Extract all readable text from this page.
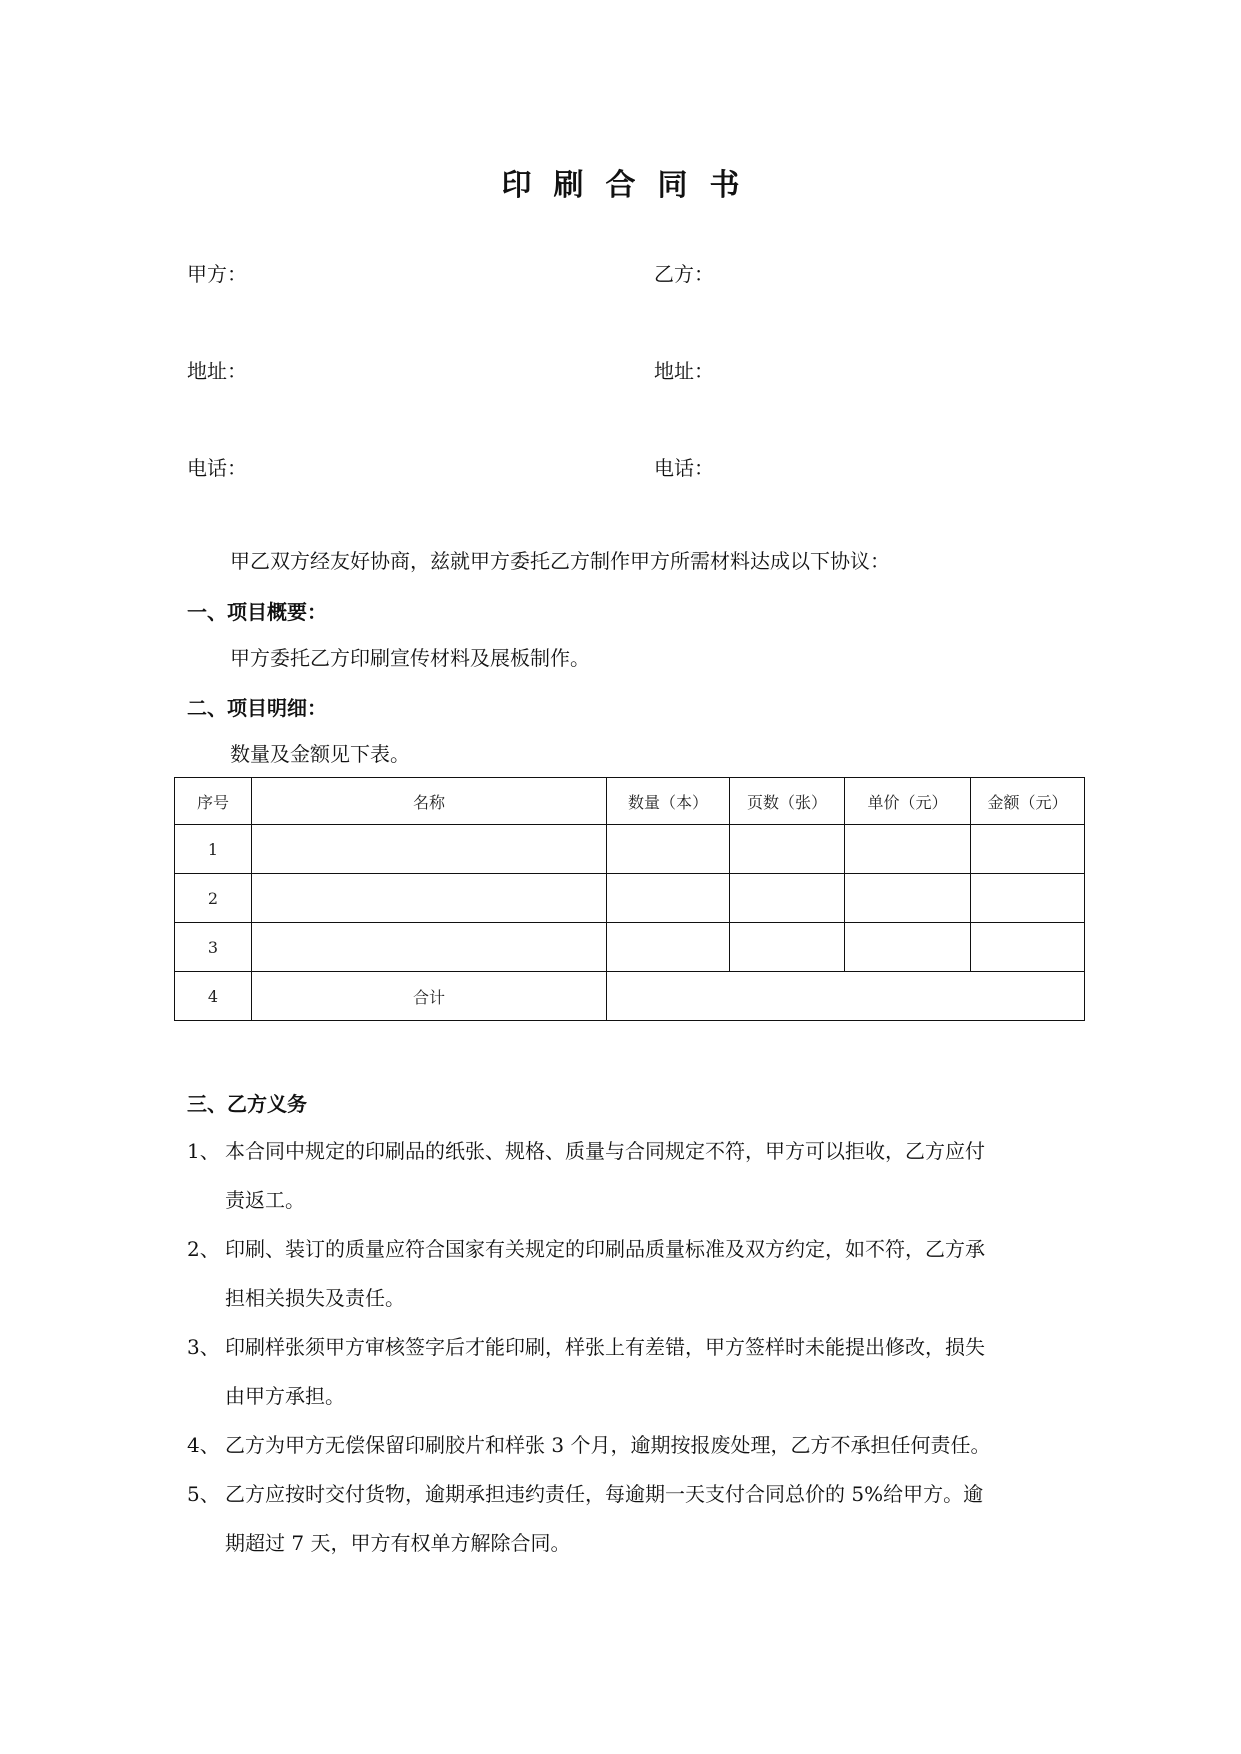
印刷合同书
甲方：	乙方：
地址：	地址：
电话：	电话：
甲乙双方经友好协商，兹就甲方委托乙方制作甲方所需材料达成以下协议：
一、项目概要：
甲方委托乙方印刷宣传材料及展板制作。
二、项目明细：
数量及金额见下表。
序号	名称	数量（本）	页数（张）	单价（元）	金额（元）
1					
2					
3					
4	合计				
三、乙方义务
1、 本合同中规定的印刷品的纸张、规格、质量与合同规定不符，甲方可以拒收，乙方应付
责返工。
2、 印刷、装订的质量应符合国家有关规定的印刷品质量标准及双方约定，如不符，乙方承
担相关损失及责任。
3、 印刷样张须甲方审核签字后才能印刷，样张上有差错，甲方签样时未能提出修改，损失
由甲方承担。
4、 乙方为甲方无偿保留印刷胶片和样张 3 个月，逾期按报废处理，乙方不承担任何责任。
5、 乙方应按时交付货物，逾期承担违约责任，每逾期一天支付合同总价的 5%给甲方。逾
期超过 7 天，甲方有权单方解除合同。
